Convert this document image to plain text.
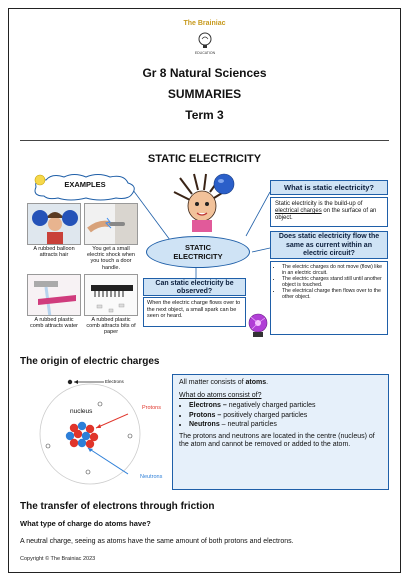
The Brainiac
EDUCATION
Gr 8 Natural Sciences
SUMMARIES
Term 3
STATIC ELECTRICITY
EXAMPLES
A rubbed balloon attracts hair
You get a small electric shock when you touch a door handle.
A rubbed plastic comb attracts water
A rubbed plastic comb attracts bits of paper
STATIC ELECTRICITY
What is static electricity?
Static electricity is the build-up of electrical charges on the surface of an object.
Does static electricity flow the same as current within an electric circuit?
• The electric charges do not move (flow) like in an electric circuit.
• The electric charges stand still until another object is touched.
• The electrical charge then flows over to the other object.
Can static electricity be observed?
When the electric charge flows over to the next object, a small spark can be seen or heard.
The origin of electric charges
Electrons
Protons
Neutrons
nucleus
All matter consists of atoms.
What do atoms consist of?
• Electrons – negatively charged particles
• Protons – positively charged particles
• Neutrons – neutral particles
The protons and neutrons are located in the centre (nucleus) of the atom and cannot be removed or added to the atom.
The transfer of electrons through friction
What type of charge do atoms have?
A neutral charge, seeing as atoms have the same amount of both protons and electrons.
Copyright © The Brainiac 2023
